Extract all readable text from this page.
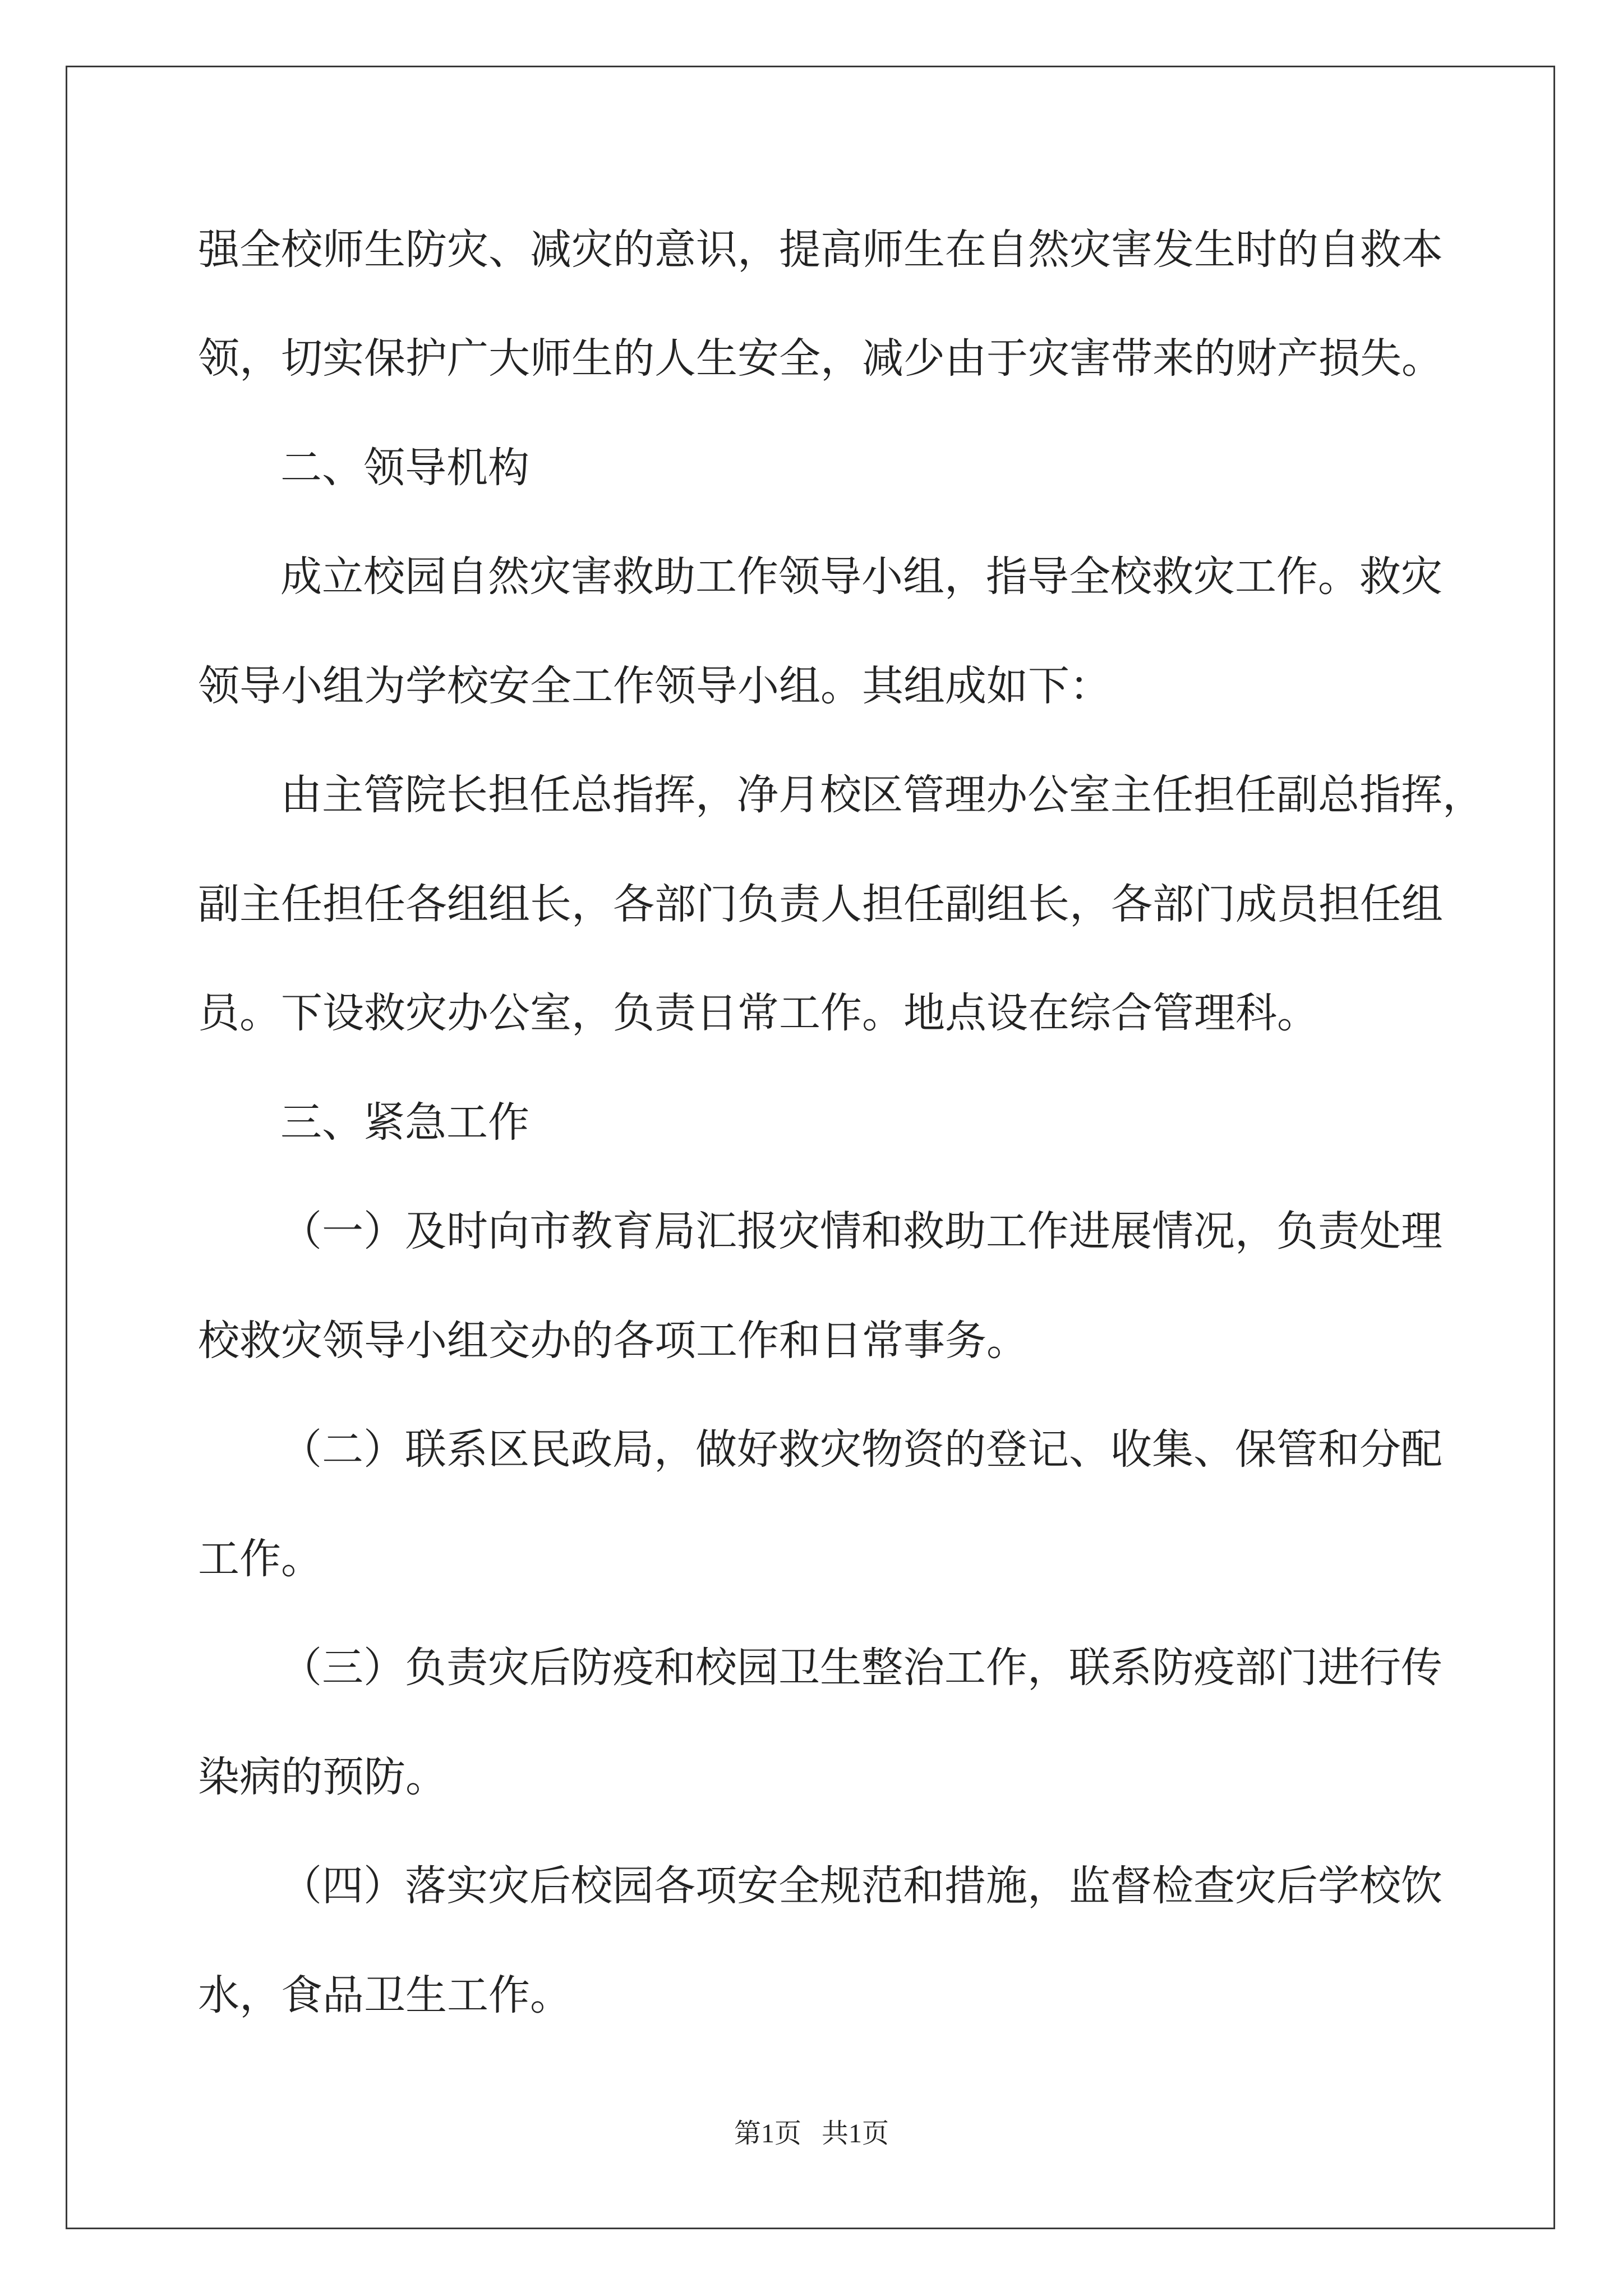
强全校师生防灾、减灾的意识，提高师生在自然灾害发生时的自救本

领，切实保护广大师生的人生安全，减少由于灾害带来的财产损失。

二、领导机构

成立校园自然灾害救助工作领导小组，指导全校救灾工作。救灾

领导小组为学校安全工作领导小组。其组成如下：

由主管院长担任总指挥，净月校区管理办公室主任担任副总指挥，

副主任担任各组组长，各部门负责人担任副组长，各部门成员担任组

员。下设救灾办公室，负责日常工作。地点设在综合管理科。

三、紧急工作

（一）及时向市教育局汇报灾情和救助工作进展情况，负责处理

校救灾领导小组交办的各项工作和日常事务。

（二）联系区民政局，做好救灾物资的登记、收集、保管和分配

工作。

（三）负责灾后防疫和校园卫生整治工作，联系防疫部门进行传

染病的预防。

（四）落实灾后校园各项安全规范和措施，监督检查灾后学校饮

水，食品卫生工作。

第1页   共1页
